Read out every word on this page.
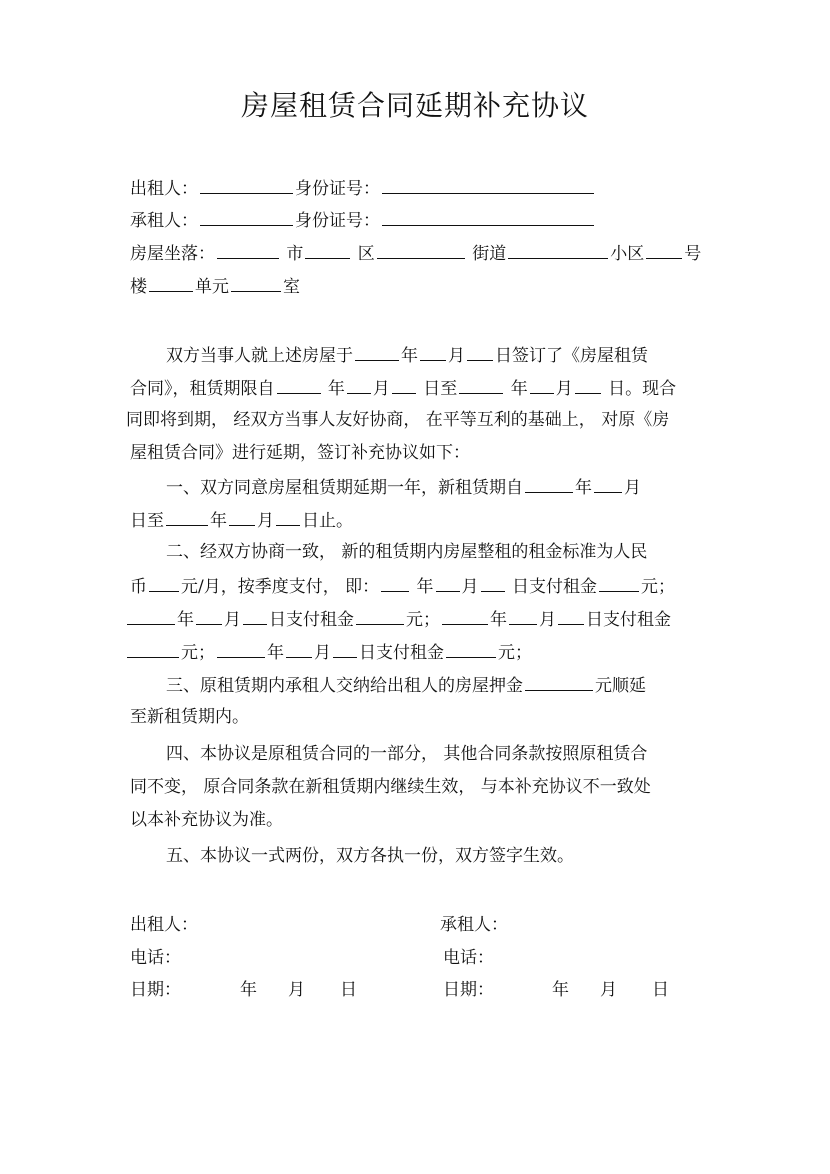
房屋租赁合同延期补充协议
出租人：	身份证号：
承租人：	身份证号：
房屋坐落：	市	区	街道	小区 号
楼	单元	室
双方当事人就上述房屋于	年 月 日签订了《房屋租赁
合同》，租赁期限自	年 月 日至	年 月 日。现合
同即将到期， 经双方当事人友好协商， 在平等互利的基础上， 对原《房
屋租赁合同》进行延期，签订补充协议如下：
一、双方同意房屋租赁期延期一年，新租赁期自	年 月
日至	年 月 日止。
二、经双方协商一致， 新的租赁期内房屋整租的租金标准为人民
币 元/月，按季度支付， 即： 年 月 日支付租金	元；
年 月 日支付租金	元；	年 月 日支付租金
元；	年 月 日支付租金	元；
三、原租赁期内承租人交纳给出租人的房屋押金	元顺延
至新租赁期内。
四、本协议是原租赁合同的一部分， 其他合同条款按照原租赁合
同不变， 原合同条款在新租赁期内继续生效， 与本补充协议不一致处
以本补充协议为准。
五、本协议一式两份，双方各执一份，双方签字生效。
出租人：
电话：
日期：	年 月 日
承租人：
电话：
日期：	年 月 日
